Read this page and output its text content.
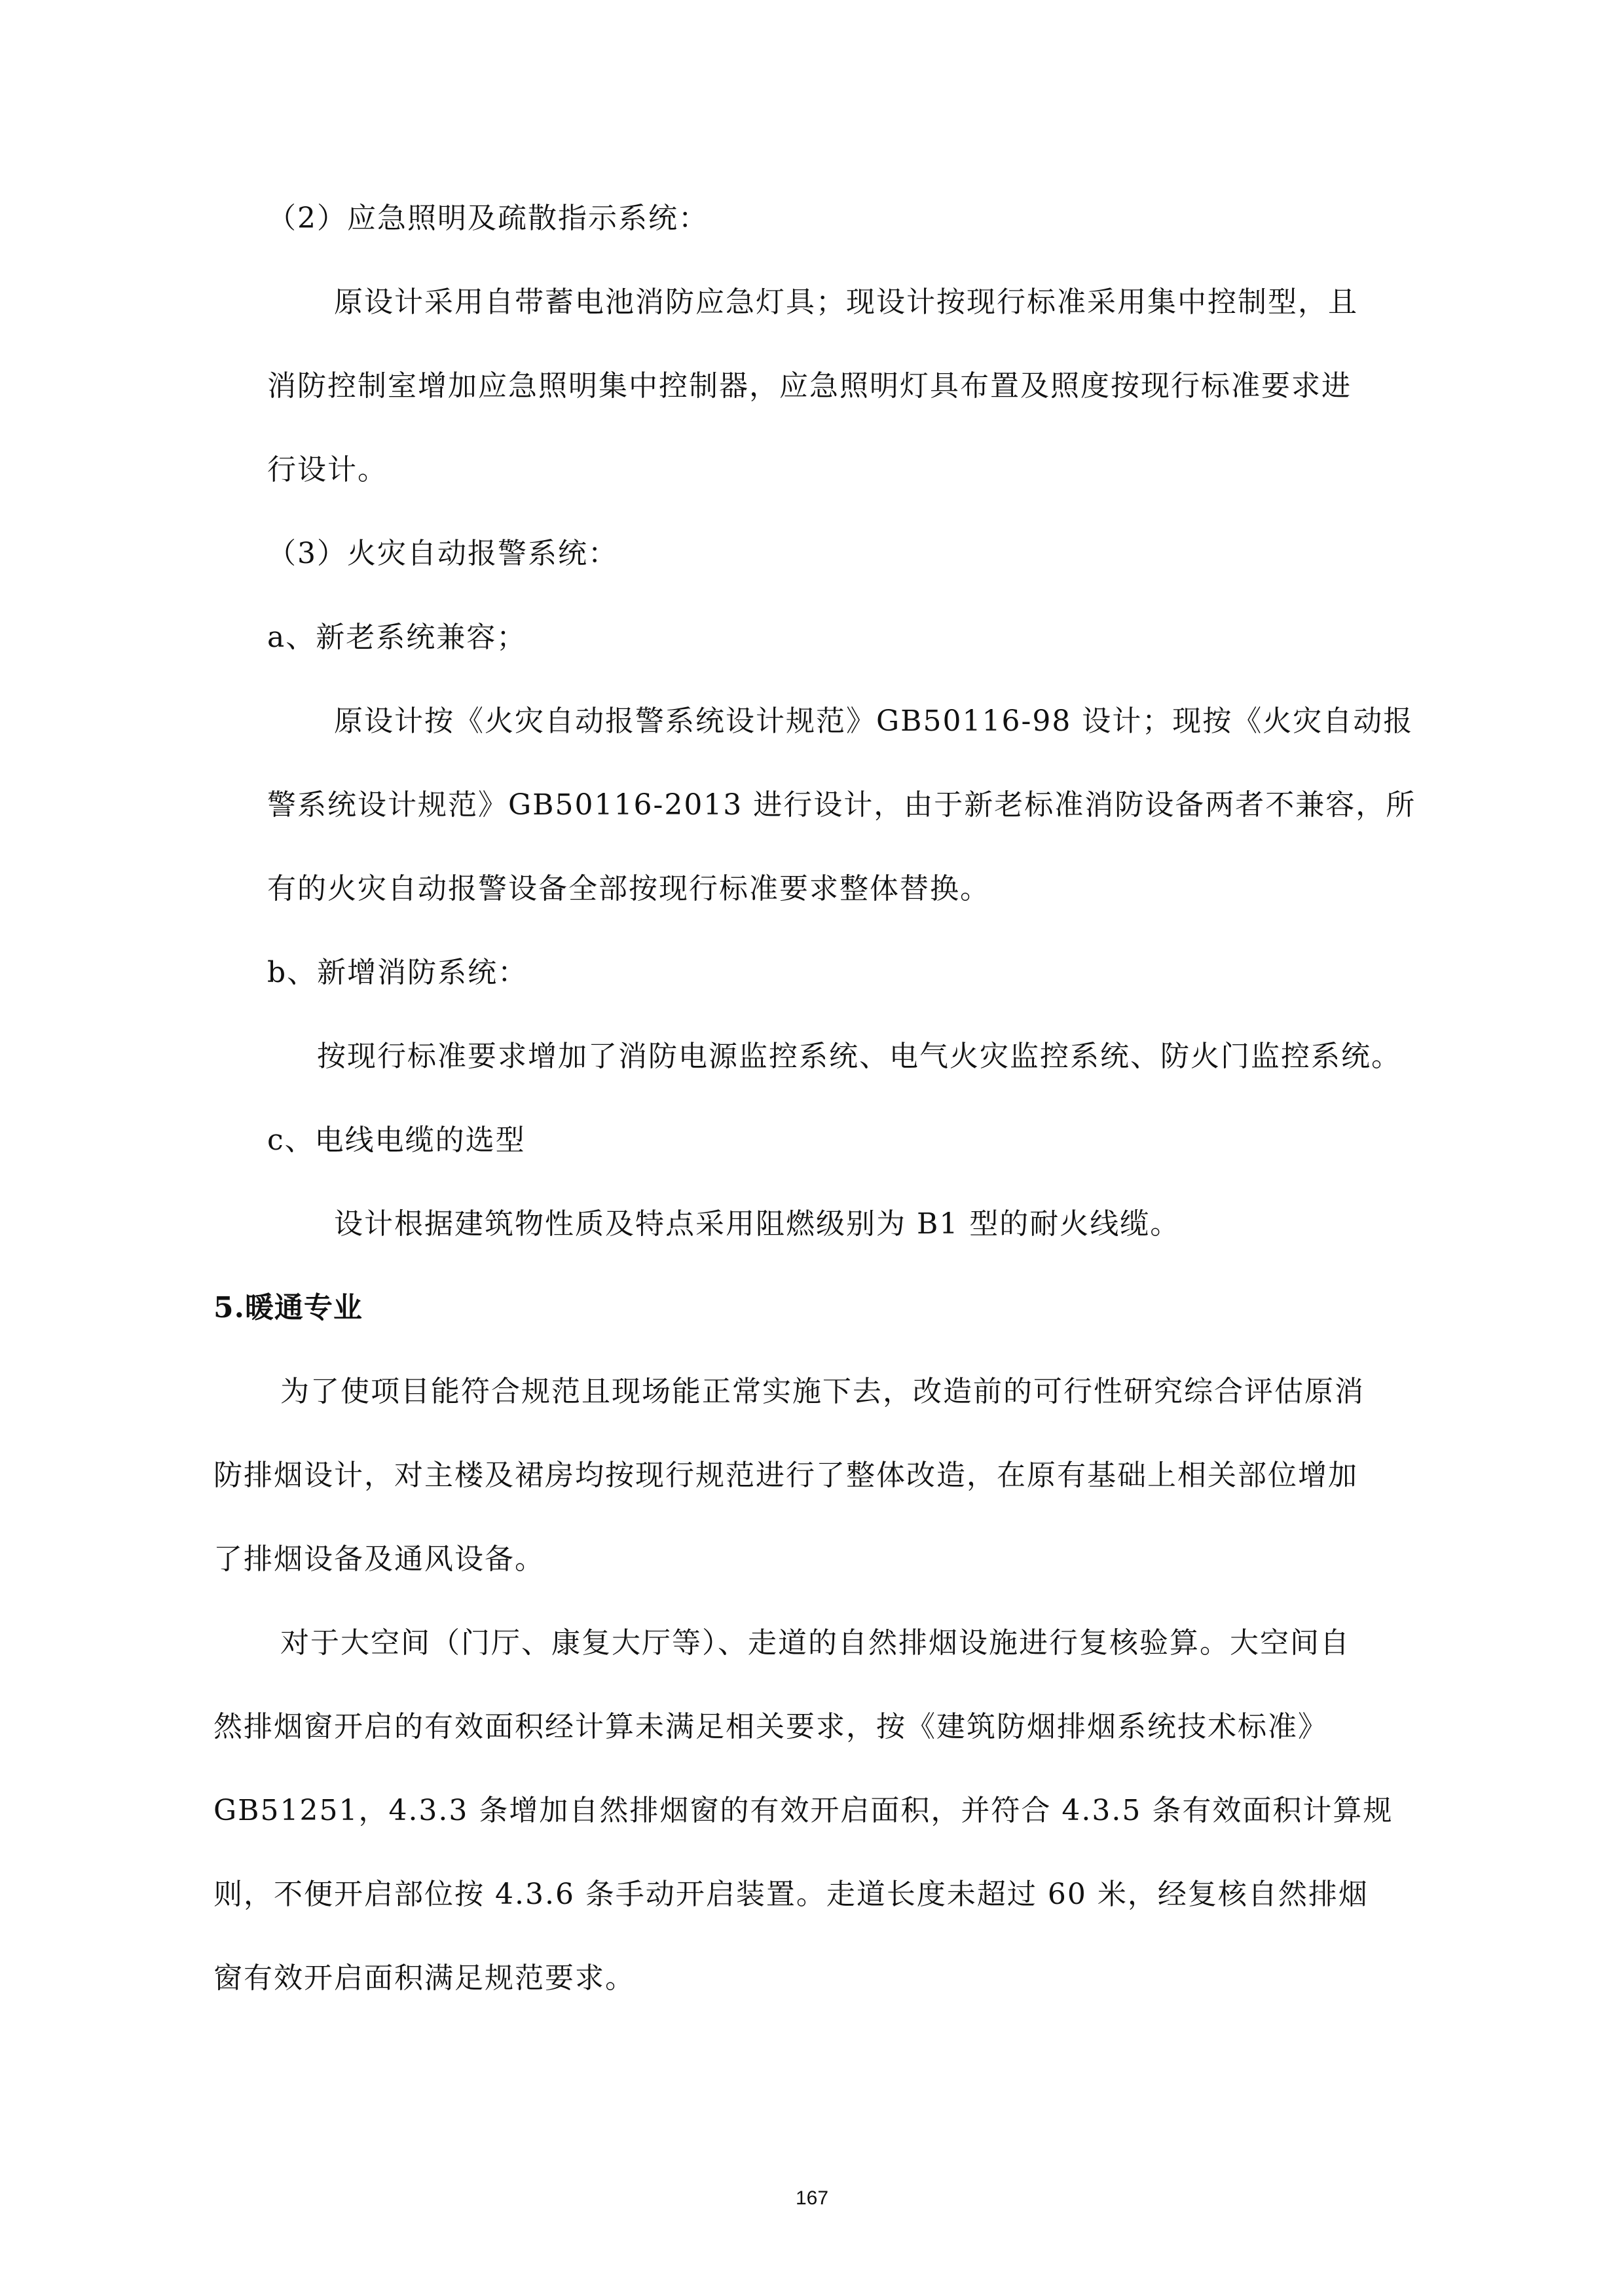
（2）应急照明及疏散指示系统：
原设计采用自带蓄电池消防应急灯具；现设计按现行标准采用集中控制型，且
消防控制室增加应急照明集中控制器，应急照明灯具布置及照度按现行标准要求进
行设计。
（3）火灾自动报警系统：
a、新老系统兼容；
原设计按《火灾自动报警系统设计规范》GB50116-98 设计；现按《火灾自动报
警系统设计规范》GB50116-2013 进行设计，由于新老标准消防设备两者不兼容，所
有的火灾自动报警设备全部按现行标准要求整体替换。
b、新增消防系统：
按现行标准要求增加了消防电源监控系统、电气火灾监控系统、防火门监控系统。
c、电线电缆的选型
设计根据建筑物性质及特点采用阻燃级别为 B1 型的耐火线缆。
5.暖通专业
为了使项目能符合规范且现场能正常实施下去，改造前的可行性研究综合评估原消
防排烟设计，对主楼及裙房均按现行规范进行了整体改造，在原有基础上相关部位增加
了排烟设备及通风设备。
对于大空间（门厅、康复大厅等）、走道的自然排烟设施进行复核验算。大空间自
然排烟窗开启的有效面积经计算未满足相关要求，按《建筑防烟排烟系统技术标准》
GB51251，4.3.3 条增加自然排烟窗的有效开启面积，并符合 4.3.5 条有效面积计算规
则，不便开启部位按 4.3.6 条手动开启装置。走道长度未超过 60 米，经复核自然排烟
窗有效开启面积满足规范要求。
167
